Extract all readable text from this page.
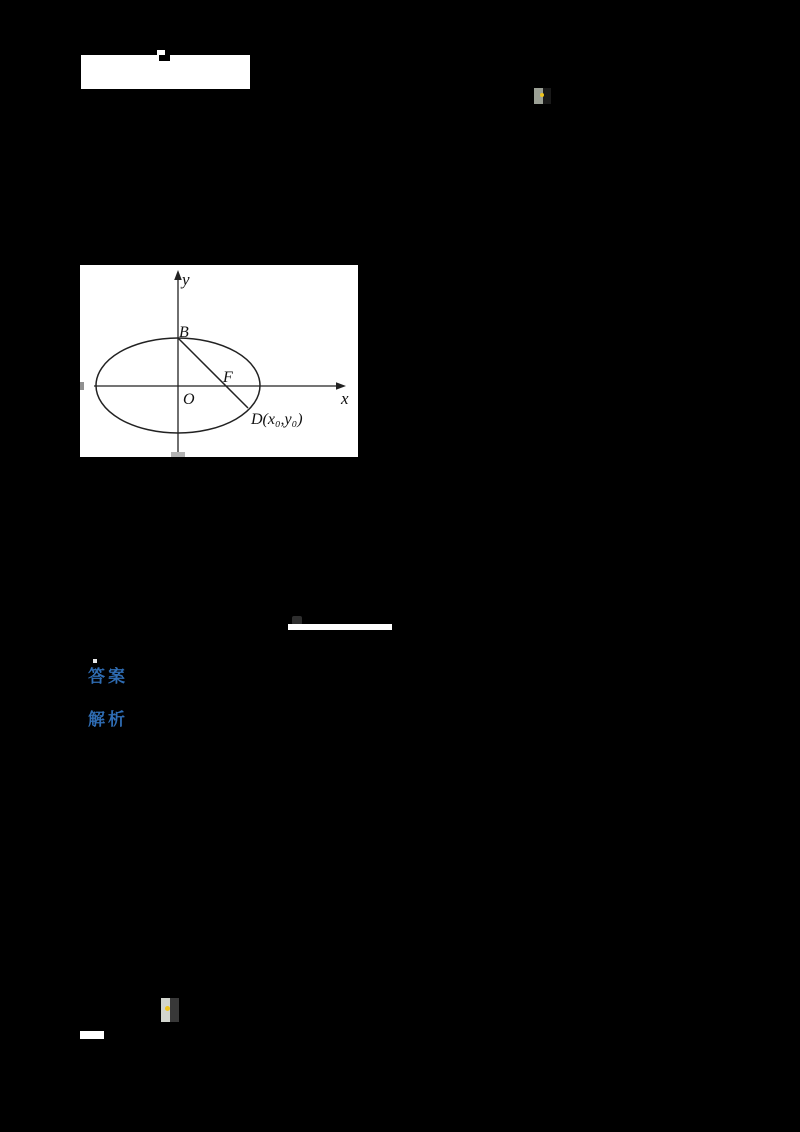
y
x
B
O
F
D(x₀,y₀)
答案
解析
